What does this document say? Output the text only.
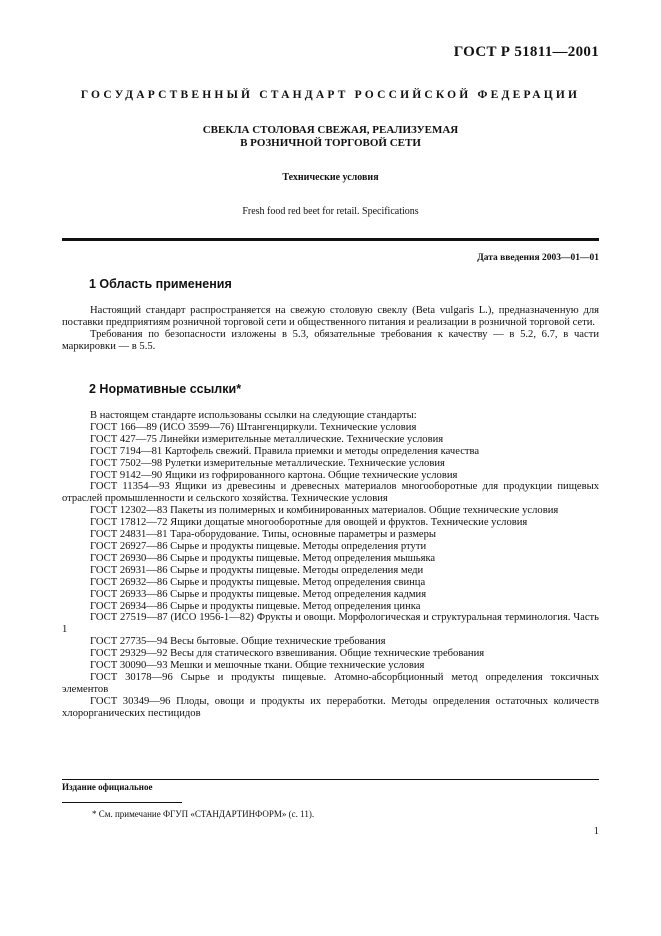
ГОСТ Р 51811—2001
ГОСУДАРСТВЕННЫЙ СТАНДАРТ РОССИЙСКОЙ ФЕДЕРАЦИИ
СВЕКЛА СТОЛОВАЯ СВЕЖАЯ, РЕАЛИЗУЕМАЯ
В РОЗНИЧНОЙ ТОРГОВОЙ СЕТИ
Технические условия
Fresh food red beet for retail. Specifications
Дата введения 2003—01—01
1 Область применения

Настоящий стандарт распространяется на свежую столовую свеклу (Beta vulgaris L.), предназначенную для поставки предприятиям розничной торговой сети и общественного питания и реализации в розничной торговой сети.

Требования по безопасности изложены в 5.3, обязательные требования к качеству — в 5.2, 6.7, в части маркировки — в 5.5.

2 Нормативные ссылки*
В настоящем стандарте использованы ссылки на следующие стандарты:
ГОСТ 166—89 (ИСО 3599—76) Штангенциркули. Технические условия
ГОСТ 427—75 Линейки измерительные металлические. Технические условия
ГОСТ 7194—81 Картофель свежий. Правила приемки и методы определения качества
ГОСТ 7502—98 Рулетки измерительные металлические. Технические условия
ГОСТ 9142—90 Ящики из гофрированного картона. Общие технические условия
ГОСТ 11354—93 Ящики из древесины и древесных материалов многооборотные для продукции пищевых отраслей промышленности и сельского хозяйства. Технические условия
ГОСТ 12302—83 Пакеты из полимерных и комбинированных материалов. Общие технические условия
ГОСТ 17812—72 Ящики дощатые многооборотные для овощей и фруктов. Технические условия
ГОСТ 24831—81 Тара-оборудование. Типы, основные параметры и размеры
ГОСТ 26927—86 Сырье и продукты пищевые. Методы определения ртути
ГОСТ 26930—86 Сырье и продукты пищевые. Метод определения мышьяка
ГОСТ 26931—86 Сырье и продукты пищевые. Методы определения меди
ГОСТ 26932—86 Сырье и продукты пищевые. Метод определения свинца
ГОСТ 26933—86 Сырье и продукты пищевые. Метод определения кадмия
ГОСТ 26934—86 Сырье и продукты пищевые. Метод определения цинка
ГОСТ 27519—87 (ИСО 1956-1—82) Фрукты и овощи. Морфологическая и структуральная терминология. Часть 1
ГОСТ 27735—94 Весы бытовые. Общие технические требования
ГОСТ 29329—92 Весы для статического взвешивания. Общие технические требования
ГОСТ 30090—93 Мешки и мешочные ткани. Общие технические условия
ГОСТ 30178—96 Сырье и продукты пищевые. Атомно-абсорбционный метод определения токсичных элементов
ГОСТ 30349—96 Плоды, овощи и продукты их переработки. Методы определения остаточных количеств хлорорганических пестицидов
Издание официальное
* См. примечание ФГУП «СТАНДАРТИНФОРМ» (с. 11).
1
